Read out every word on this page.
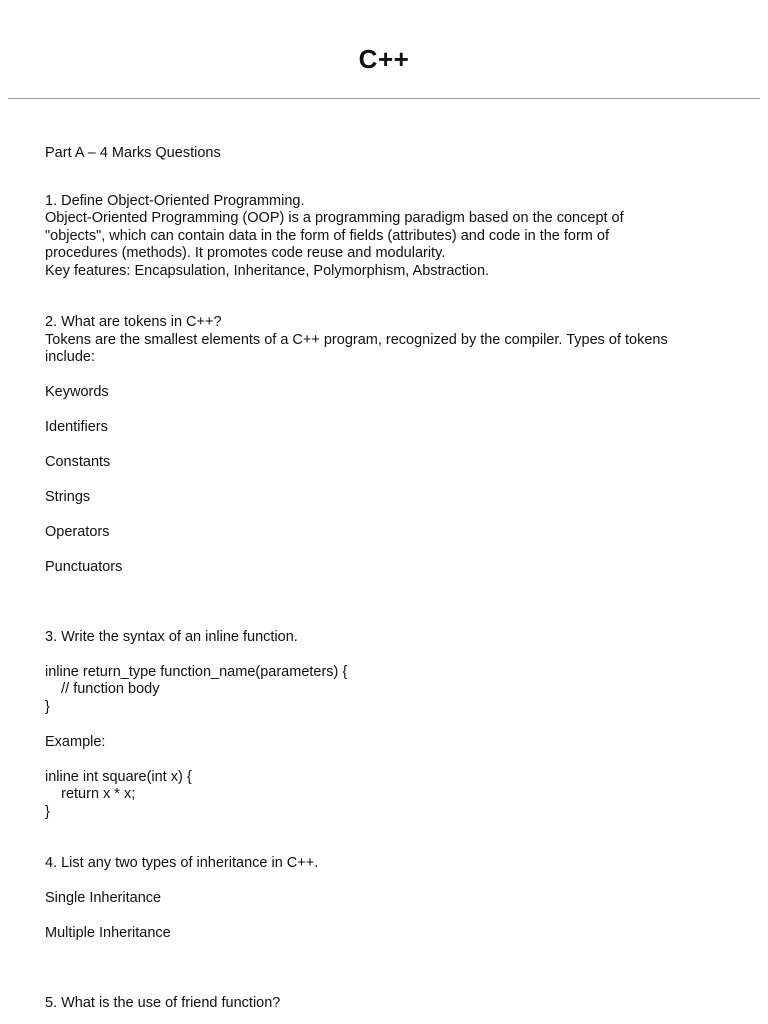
C++

Part A – 4 Marks Questions

1. Define Object-Oriented Programming.

Object-Oriented Programming (OOP) is a programming paradigm based on the concept of

"objects", which can contain data in the form of fields (attributes) and code in the form of

procedures (methods). It promotes code reuse and modularity.

Key features: Encapsulation, Inheritance, Polymorphism, Abstraction.

2. What are tokens in C++?

Tokens are the smallest elements of a C++ program, recognized by the compiler. Types of tokens

include:

Keywords

Identifiers

Constants

Strings

Operators

Punctuators

3. Write the syntax of an inline function.

inline return_type function_name(parameters) {

// function body

}

Example:

inline int square(int x) {

return x * x;

}

4. List any two types of inheritance in C++.

Single Inheritance

Multiple Inheritance

5. What is the use of friend function?
